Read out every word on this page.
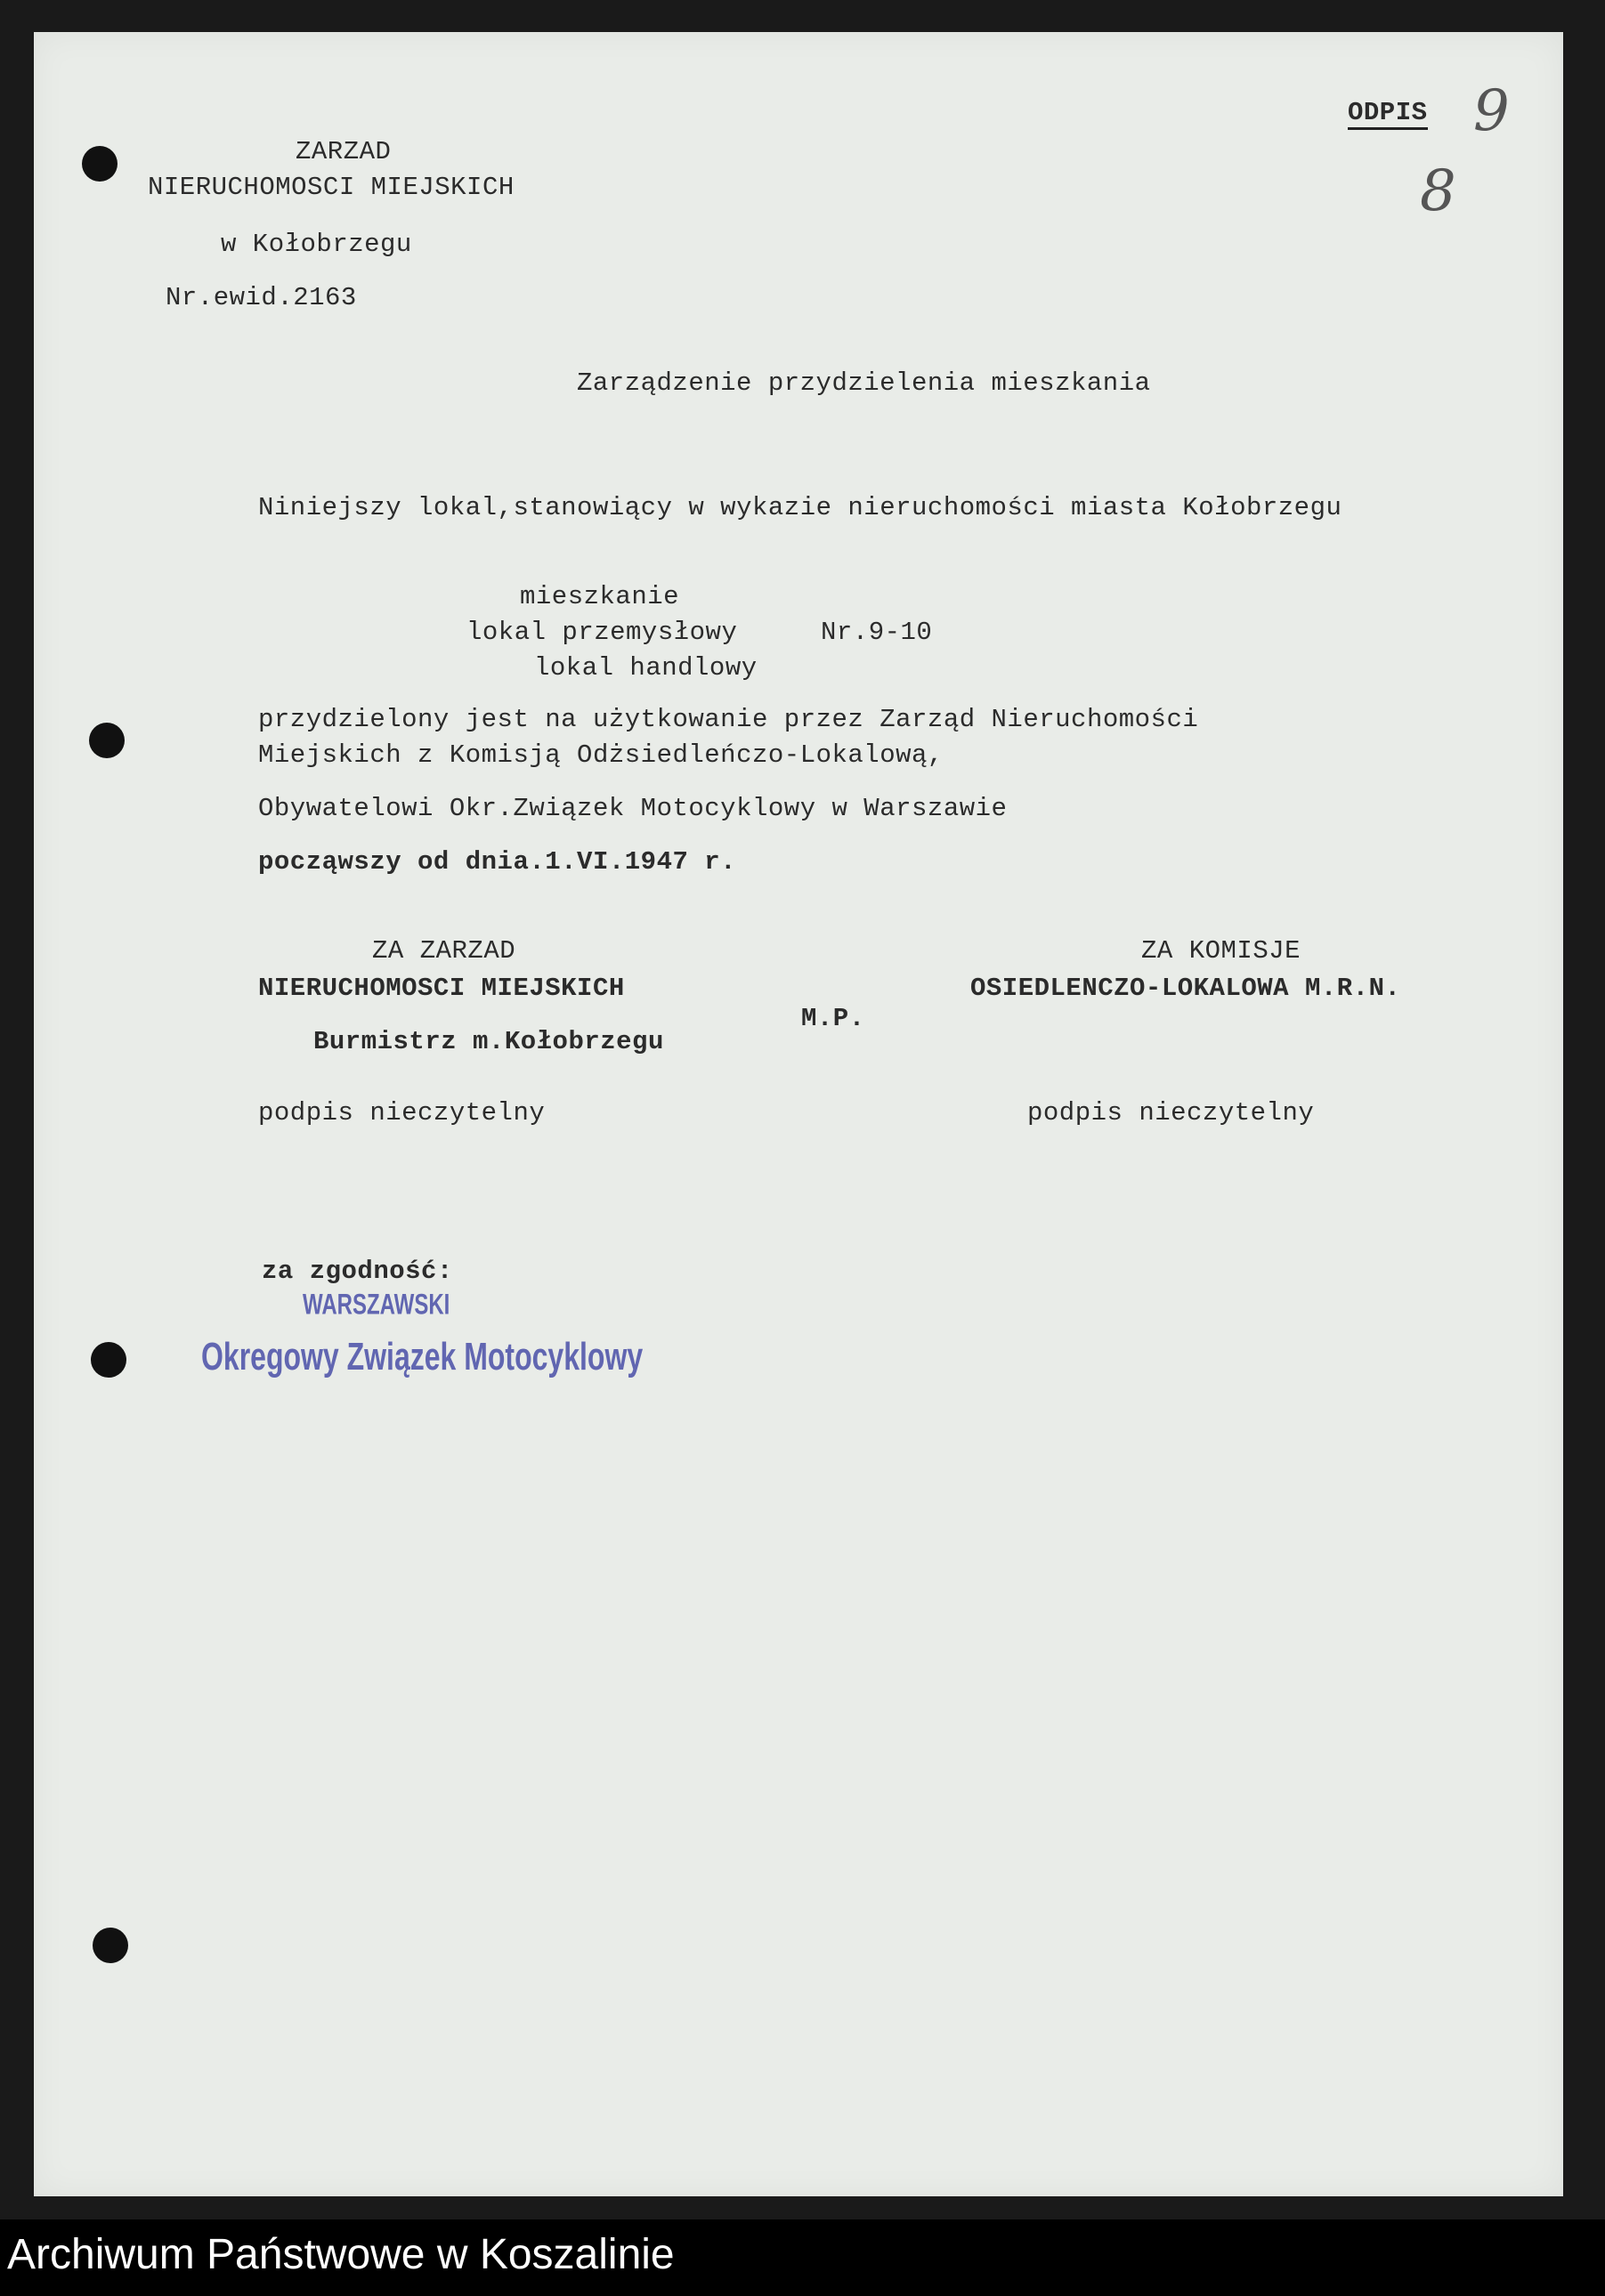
ODPIS 9
8
ZARZAD
NIERUCHOMOSCI MIEJSKICH
w Kołobrzegu
Nr.ewid.2163
Zarządzenie przydzielenia mieszkania
Niniejszy lokal,stanowiący w wykazie nieruchomości miasta Kołobrzegu
mieszkanie
lokal przemysłowy	Nr.9-10
lokal handlowy
przydzielony jest na użytkowanie przez Zarząd Nieruchomości
Miejskich z Komisją Odżsiedleńczo-Lokalową,
Obywatelowi Okr.Związek Motocyklowy w Warszawie
począwszy od dnia.1.VI.1947 r.
ZA ZARZAD
NIERUCHOMOSCI MIEJSKICH
Burmistrz m.Kołobrzegu
podpis nieczytelny
M.P.
ZA KOMISJE
OSIEDLENCZO-LOKALOWA M.R.N.
podpis nieczytelny
za zgodność:
WARSZAWSKI
Okregowy Związek Motocyklowy
Archiwum Państwowe w Koszalinie
